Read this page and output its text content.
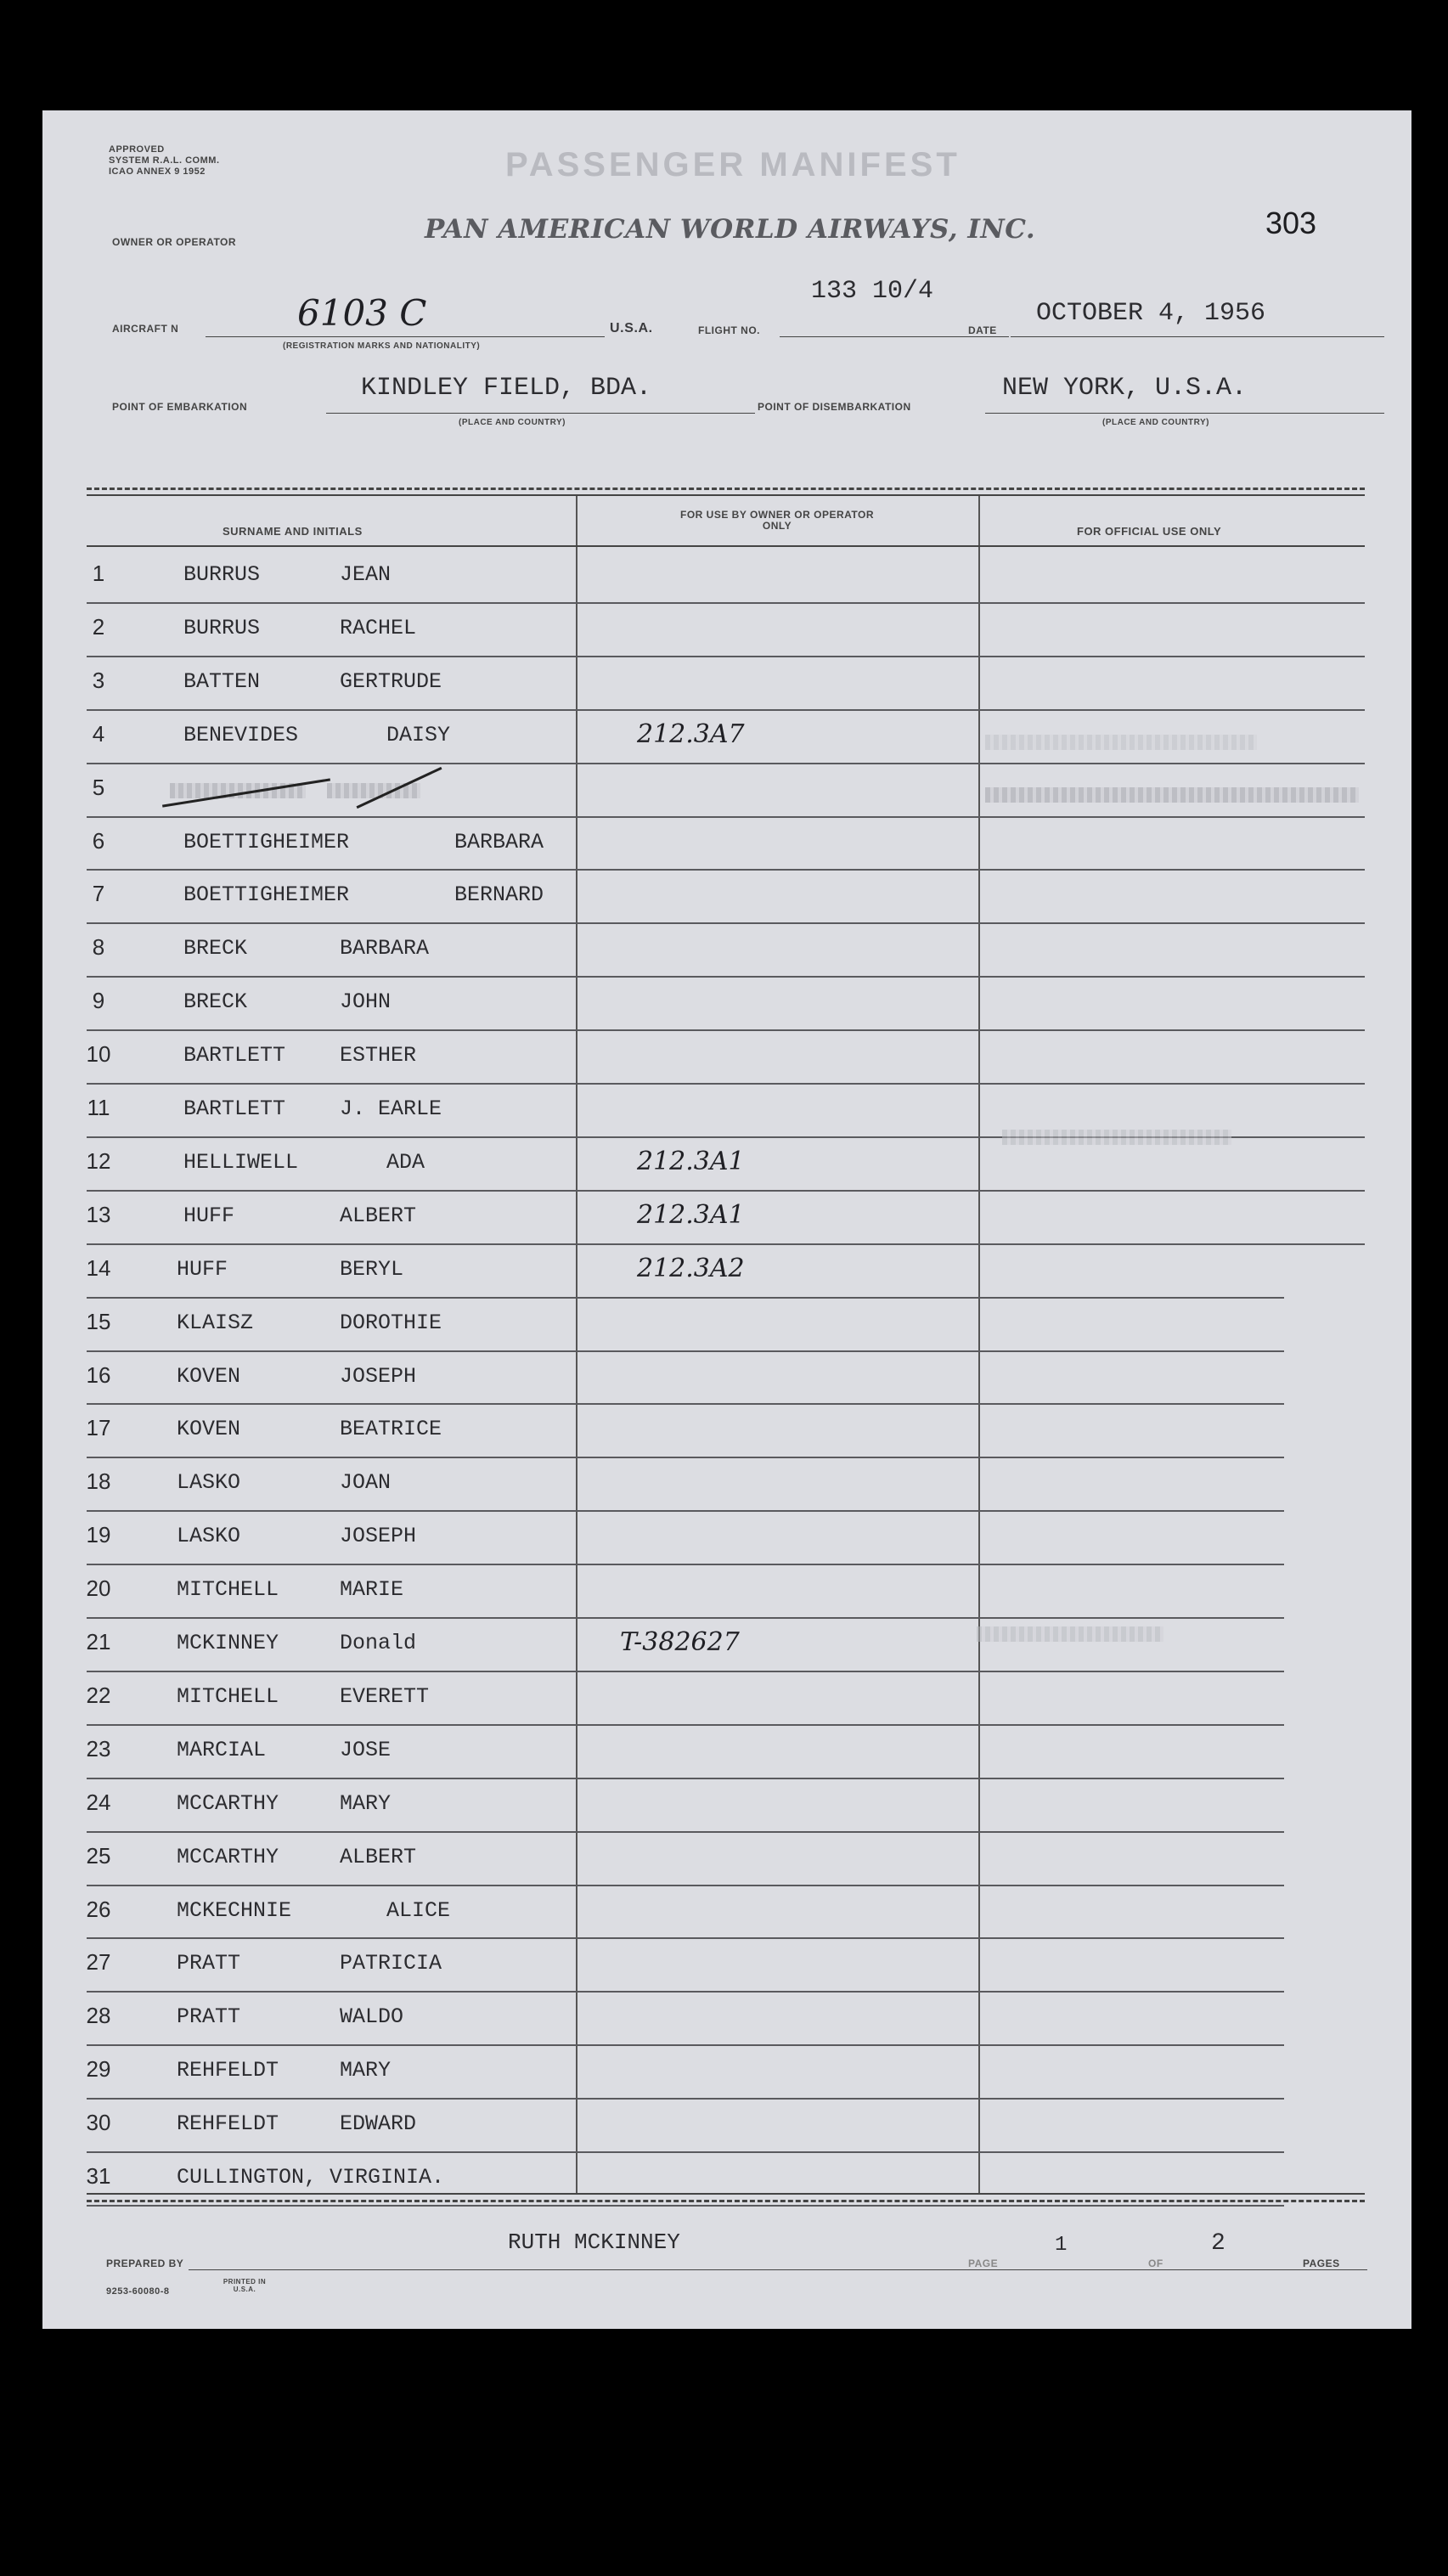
APPROVED
SYSTEM R.A.L. COMM.
ICAO ANNEX 9 1952	PASSENGER MANIFEST
OWNER OR OPERATOR	PAN AMERICAN WORLD AIRWAYS, INC.	303
AIRCRAFT N	6103 C
(REGISTRATION MARKS AND NATIONALITY)
U.S.A.	FLIGHT NO.
133 10/4
DATE
OCTOBER 4, 1956
POINT OF EMBARKATION
KINDLEY FIELD, BDA.
(PLACE AND COUNTRY)
POINT OF DISEMBARKATION
NEW YORK, U.S.A.
(PLACE AND COUNTRY)
SURNAME AND INITIALS
FOR USE BY OWNER OR OPERATOR ONLY	FOR OFFICIAL USE ONLY
1	BURRUS	JEAN
2	BURRUS	RACHEL
3	BATTEN	GERTRUDE
4	BENEVIDES	DAISY	212.3A7
5
6	BOETTIGHEIMER	BARBARA
7	BOETTIGHEIMER	BERNARD
8	BRECK	BARBARA
9	BRECK	JOHN
10	BARTLETT	ESTHER
11	BARTLETT	J. EARLE
12	HELLIWELL	ADA	212.3A1
13	HUFF	ALBERT	212.3A1
14	HUFF	BERYL	212.3A2
15	KLAISZ	DOROTHIE
16	KOVEN	JOSEPH
17	KOVEN	BEATRICE
18	LASKO	JOAN
19	LASKO	JOSEPH
20	MITCHELL	MARIE
21	MCKINNEY	Donald	T-382627
22	MITCHELL	EVERETT
23	MARCIAL	JOSE
24	MCCARTHY	MARY
25	MCCARTHY	ALBERT
26	MCKECHNIE	ALICE
27	PRATT	PATRICIA
28	PRATT	WALDO
29	REHFELDT	MARY
30	REHFELDT	EDWARD
31	CULLINGTON, VIRGINIA.
PREPARED BY
RUTH MCKINNEY
PAGE
1
OF
2
PAGES
9253-60080-8
PRINTED IN U.S.A.
